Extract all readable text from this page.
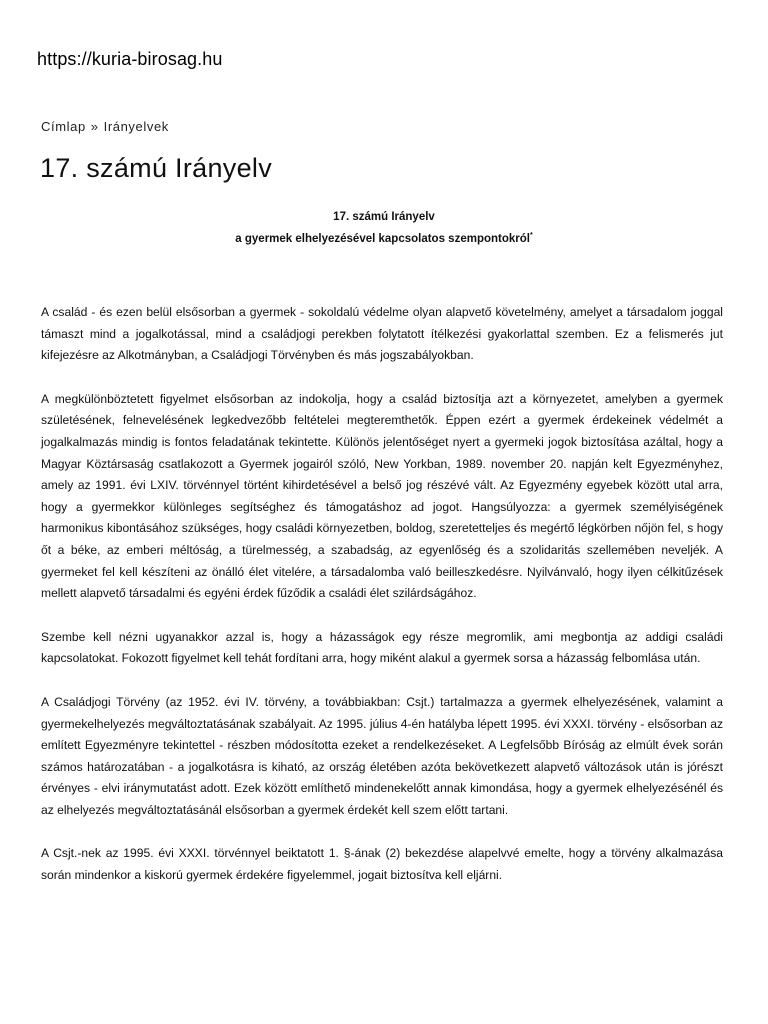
https://kuria-birosag.hu
Címlap » Irányelvek
17. számú Irányelv
17. számú Irányelv
a gyermek elhelyezésével kapcsolatos szempontokról*

A család - és ezen belül elsősorban a gyermek - sokoldalú védelme olyan alapvető követelmény, amelyet a társadalom joggal támaszt mind a jogalkotással, mind a családjogi perekben folytatott ítélkezési gyakorlattal szemben. Ez a felismerés jut kifejezésre az Alkotmányban, a Családjogi Törvényben és más jogszabályokban.

A megkülönböztetett figyelmet elsősorban az indokolja, hogy a család biztosítja azt a környezetet, amelyben a gyermek születésének, felnevelésének legkedvezőbb feltételei megteremthetők. Éppen ezért a gyermek érdekeinek védelmét a jogalkalmazás mindig is fontos feladatának tekintette. Különös jelentőséget nyert a gyermeki jogok biztosítása azáltal, hogy a Magyar Köztársaság csatlakozott a Gyermek jogairól szóló, New Yorkban, 1989. november 20. napján kelt Egyezményhez, amely az 1991. évi LXIV. törvénnyel történt kihirdetésével a belső jog részévé vált. Az Egyezmény egyebek között utal arra, hogy a gyermekkor különleges segítséghez és támogatáshoz ad jogot. Hangsúlyozza: a gyermek személyiségének harmonikus kibontásához szükséges, hogy családi környezetben, boldog, szeretetteljes és megértő légkörben nőjön fel, s hogy őt a béke, az emberi méltóság, a türelmesség, a szabadság, az egyenlőség és a szolidaritás szellemében neveljék. A gyermeket fel kell készíteni az önálló élet vitelére, a társadalomba való beilleszkedésre. Nyilvánvaló, hogy ilyen célkitűzések mellett alapvető társadalmi és egyéni érdek fűződik a családi élet szilárdságához.

Szembe kell nézni ugyanakkor azzal is, hogy a házasságok egy része megromlik, ami megbontja az addigi családi kapcsolatokat. Fokozott figyelmet kell tehát fordítani arra, hogy miként alakul a gyermek sorsa a házasság felbomlása után.

A Családjogi Törvény (az 1952. évi IV. törvény, a továbbiakban: Csjt.) tartalmazza a gyermek elhelyezésének, valamint a gyermekelhelyezés megváltoztatásának szabályait. Az 1995. július 4-én hatályba lépett 1995. évi XXXI. törvény - elsősorban az említett Egyezményre tekintettel - részben módosította ezeket a rendelkezéseket. A Legfelsőbb Bíróság az elmúlt évek során számos határozatában - a jogalkotásra is kiható, az ország életében azóta bekövetkezett alapvető változások után is jórészt érvényes - elvi iránymutatást adott. Ezek között említhető mindenekelőtt annak kimondása, hogy a gyermek elhelyezésénél és az elhelyezés megváltoztatásánál elsősorban a gyermek érdekét kell szem előtt tartani.

A Csjt.-nek az 1995. évi XXXI. törvénnyel beiktatott 1. §-ának (2) bekezdése alapelvvé emelte, hogy a törvény alkalmazása során mindenkor a kiskorú gyermek érdekére figyelemmel, jogait biztosítva kell eljárni.
